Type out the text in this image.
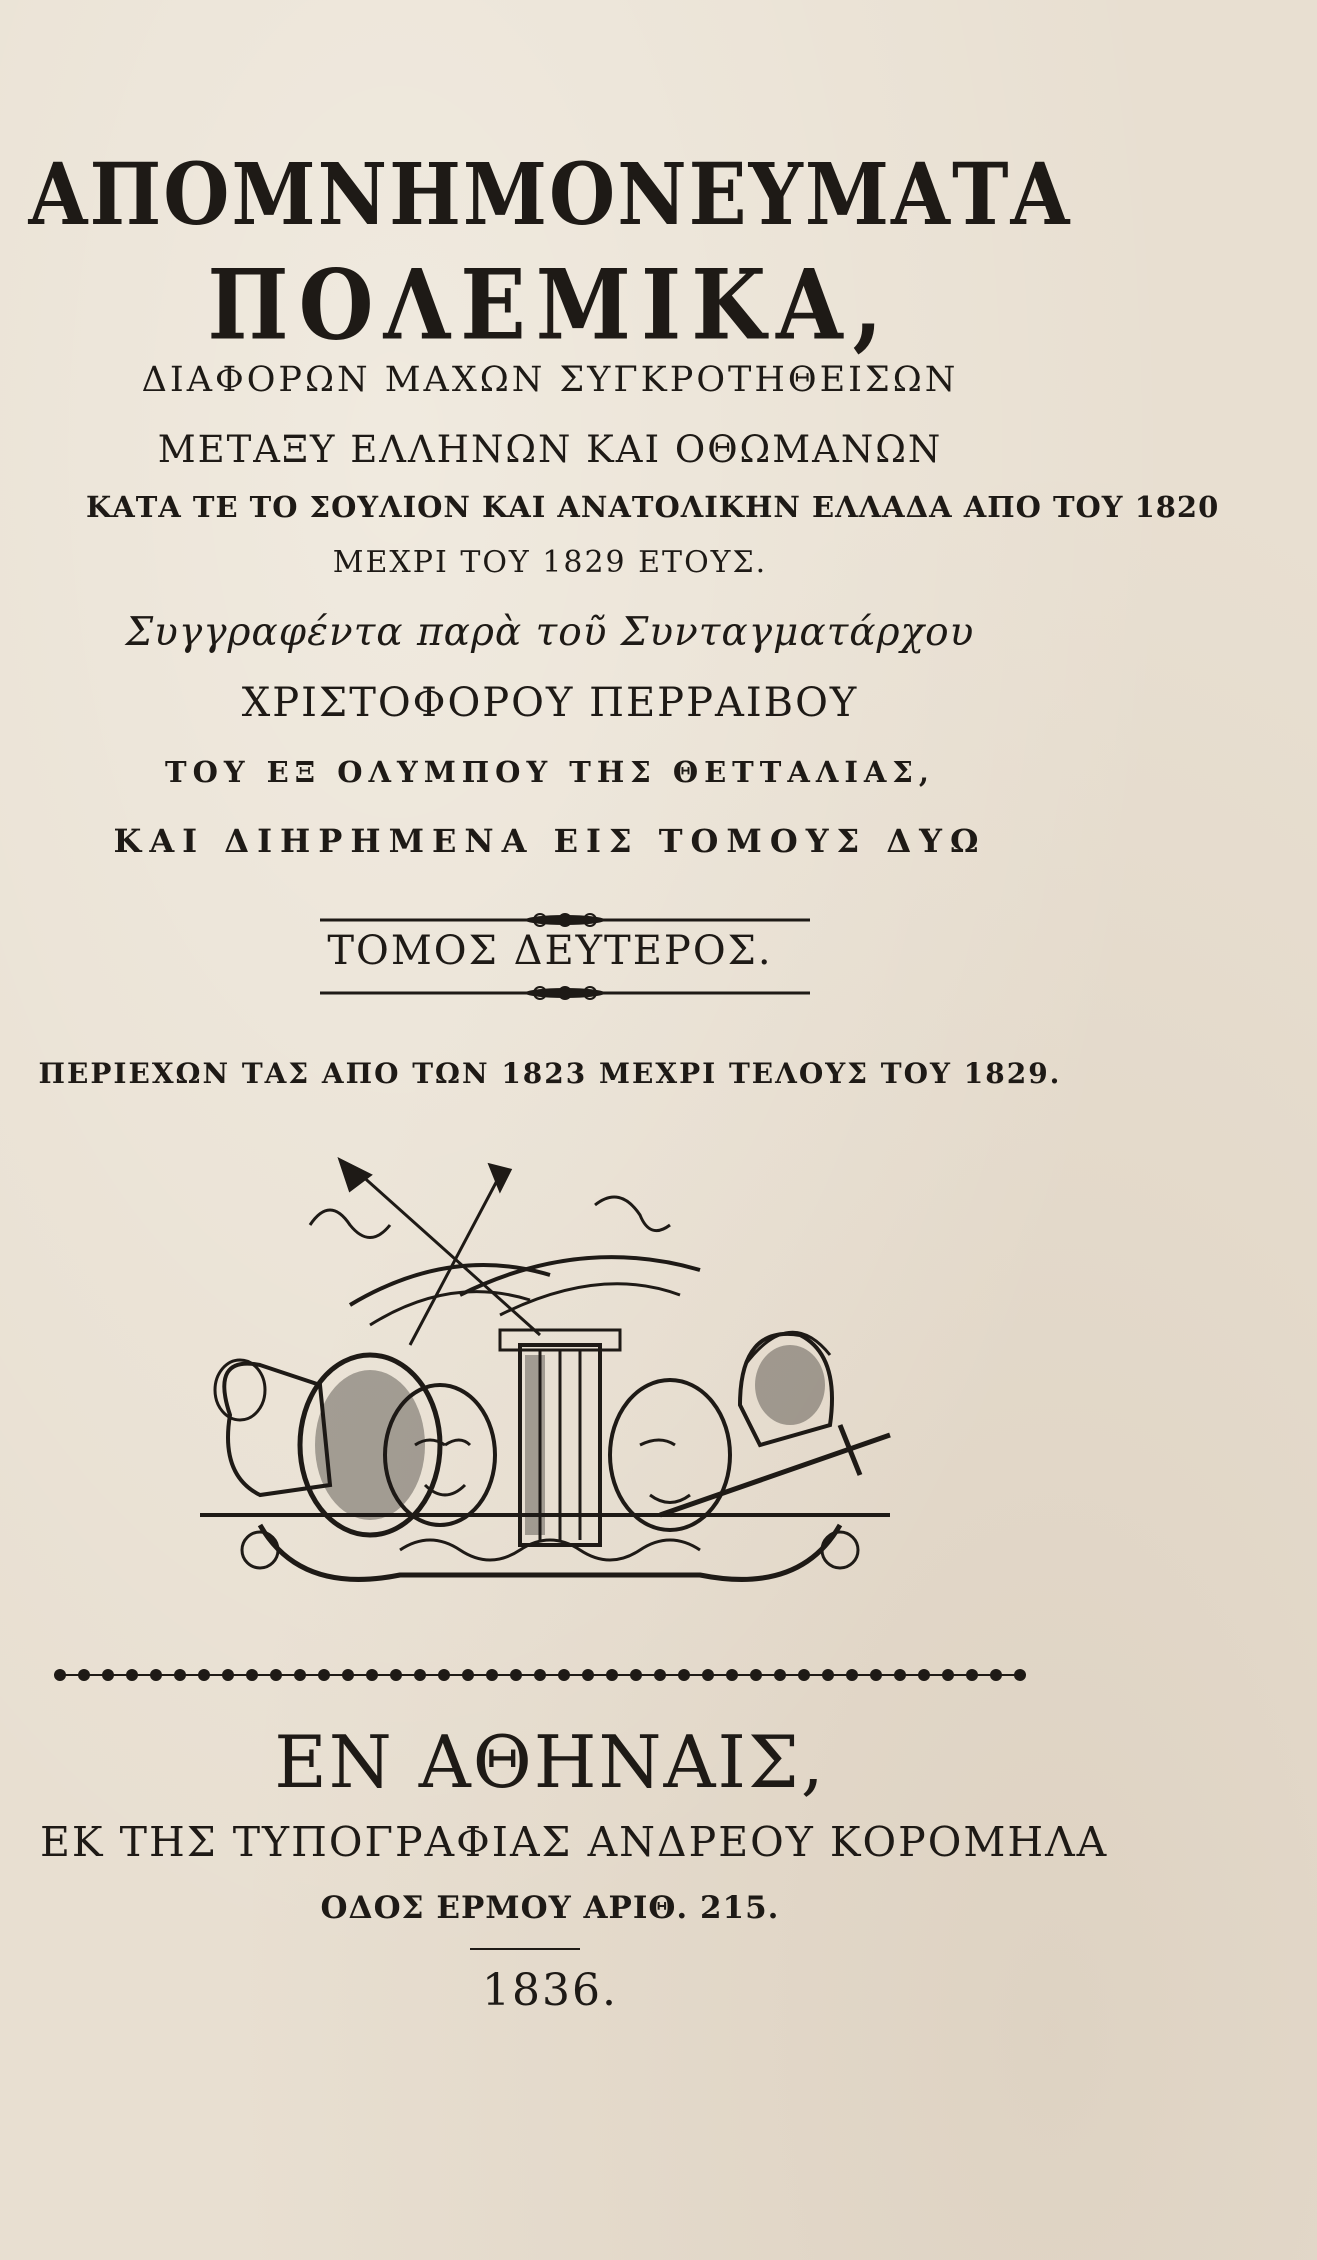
ΑΠΟΜΝΗΜΟΝΕΥΜΑΤΑ
ΠΟΛΕΜΙΚΑ,
ΔΙΑΦΟΡΩΝ ΜΑΧΩΝ ΣΥΓΚΡΟΤΗΘΕΙΣΩΝ
ΜΕΤΑΞΥ ΕΛΛΗΝΩΝ ΚΑΙ ΟΘΩΜΑΝΩΝ
ΚΑΤΑ ΤΕ ΤΟ ΣΟΥΛΙΟΝ ΚΑΙ ΑΝΑΤΟΛΙΚΗΝ ΕΛΛΑΔΑ ΑΠΟ ΤΟΥ 1820
ΜΕΧΡΙ ΤΟΥ 1829 ΕΤΟΥΣ.
Συγγραφέντα παρὰ τοῦ Συνταγματάρχου
ΧΡΙΣΤΟΦΟΡΟΥ ΠΕΡΡΑΙΒΟΥ
ΤΟΥ ΕΞ ΟΛΥΜΠΟΥ ΤΗΣ ΘΕΤΤΑΛΙΑΣ,
ΚΑΙ ΔΙΗΡΗΜΕΝΑ ΕΙΣ ΤΟΜΟΥΣ ΔΥΩ
ΤΟΜΟΣ ΔΕΥΤΕΡΟΣ.
ΠΕΡΙΕΧΩΝ ΤΑΣ ΑΠΟ ΤΩΝ 1823 ΜΕΧΡΙ ΤΕΛΟΥΣ ΤΟΥ 1829.
ΕΝ ΑΘΗΝΑΙΣ,
ΕΚ ΤΗΣ ΤΥΠΟΓΡΑΦΙΑΣ ΑΝΔΡΕΟΥ ΚΟΡΟΜΗΛΑ
ΟΔΟΣ ΕΡΜΟΥ ΑΡΙΘ. 215.
1836.
